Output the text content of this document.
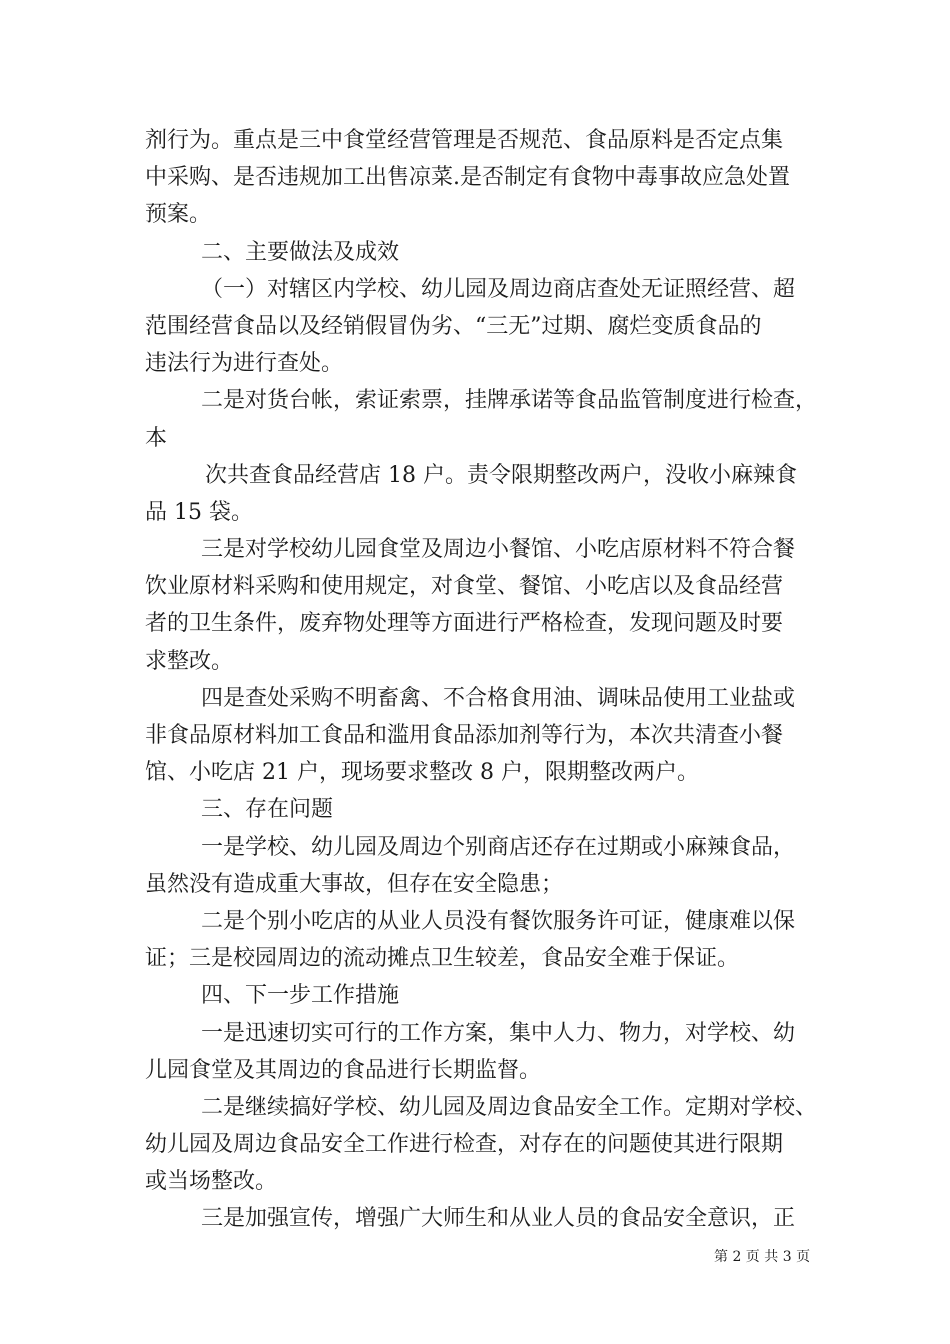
剂行为。重点是三中食堂经营管理是否规范、食品原料是否定点集
中采购、是否违规加工出售凉菜.是否制定有食物中毒事故应急处置
预案。
二、主要做法及成效
（一）对辖区内学校、幼儿园及周边商店查处无证照经营、超
范围经营食品以及经销假冒伪劣、“三无”过期、腐烂变质食品的
违法行为进行查处。
二是对货台帐，索证索票，挂牌承诺等食品监管制度进行检查，
本
次共查食品经营店 18 户。责令限期整改两户，没收小麻辣食
品 15 袋。
三是对学校幼儿园食堂及周边小餐馆、小吃店原材料不符合餐
饮业原材料采购和使用规定，对食堂、餐馆、小吃店以及食品经营
者的卫生条件，废弃物处理等方面进行严格检查，发现问题及时要
求整改。
四是查处采购不明畜禽、不合格食用油、调味品使用工业盐或
非食品原材料加工食品和滥用食品添加剂等行为，本次共清查小餐
馆、小吃店 21 户，现场要求整改 8 户，限期整改两户。
三、存在问题
一是学校、幼儿园及周边个别商店还存在过期或小麻辣食品，
虽然没有造成重大事故，但存在安全隐患；
二是个别小吃店的从业人员没有餐饮服务许可证，健康难以保
证；三是校园周边的流动摊点卫生较差，食品安全难于保证。
四、下一步工作措施
一是迅速切实可行的工作方案，集中人力、物力，对学校、幼
儿园食堂及其周边的食品进行长期监督。
二是继续搞好学校、幼儿园及周边食品安全工作。定期对学校、
幼儿园及周边食品安全工作进行检查，对存在的问题使其进行限期
或当场整改。
三是加强宣传，增强广大师生和从业人员的食品安全意识，正
第 2 页 共 3 页
